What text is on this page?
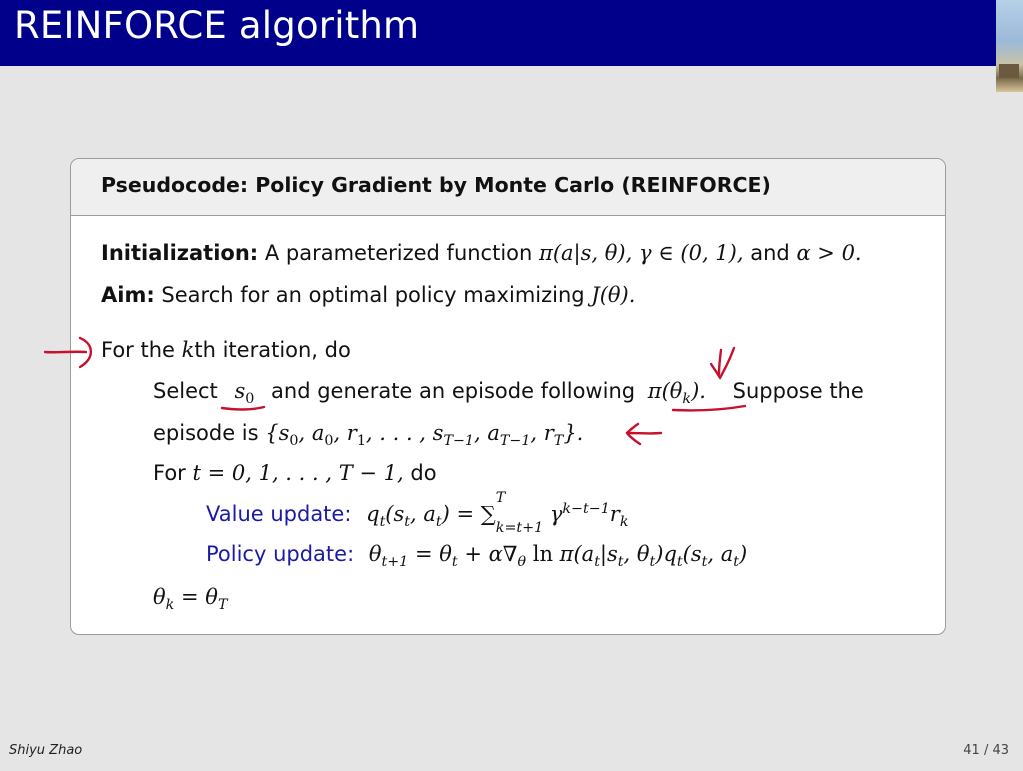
REINFORCE algorithm
Pseudocode: Policy Gradient by Monte Carlo (REINFORCE)
Initialization: A parameterized function π(a|s, θ), γ ∈ (0, 1), and α > 0.
Aim: Search for an optimal policy maximizing J(θ).
For the kth iteration, do
Select $s_0$ and generate an episode following $\pi(\theta_k)$. Suppose the
episode is {$s_0$, $a_0$, $r_1$, . . . , $s_{T-1}$, $a_{T-1}$, $r_T$}.
For t = 0, 1, . . . , T − 1, do
Value update: $q_t(s_t$, $a_t$) = ∑
T
$_{k=t+1}$ $\gamma^{k-t-1}r_k$
Policy update: $\theta_{t+1} = \theta_t + \alpha\nabla_\theta$ $\ln \pi(a_t|s_t$, $\theta_t)q_t(s_t$, $a_t$)
$\theta_k = \theta_T$
Shiyu Zhao	41 / 43
